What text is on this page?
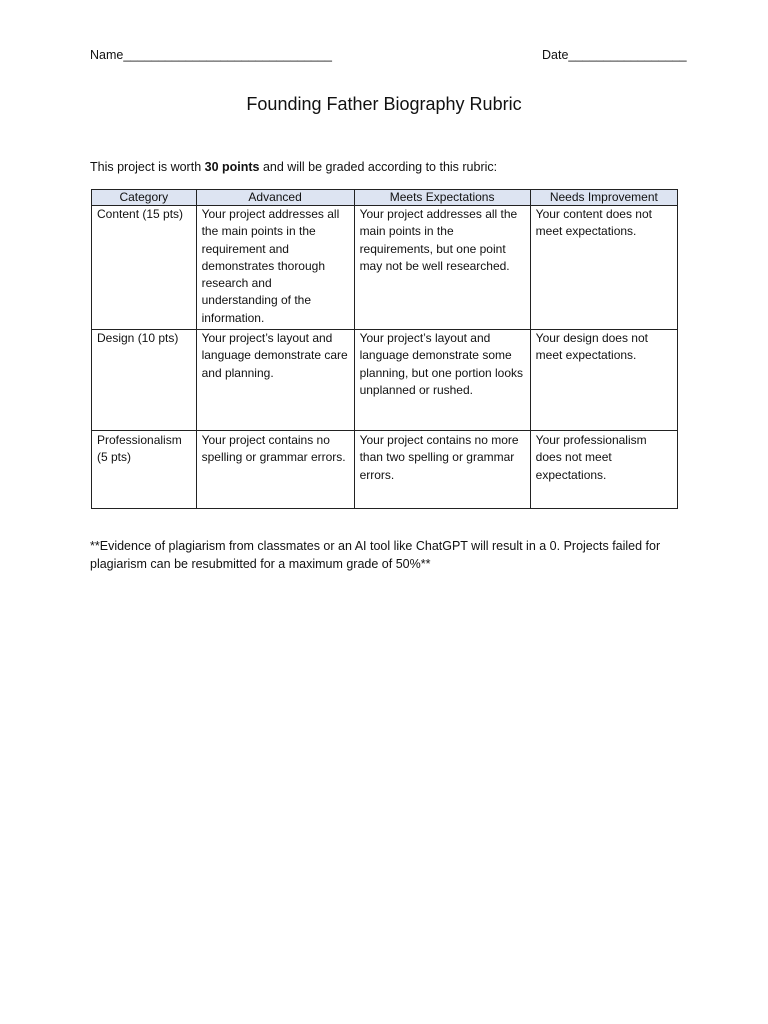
Name______________________________	Date_________________
Founding Father Biography Rubric
This project is worth 30 points and will be graded according to this rubric:
Category	Advanced	Meets Expectations	Needs Improvement
Content (15 pts)	Your project addresses all the main points in the requirement and demonstrates thorough research and understanding of the information.	Your project addresses all the main points in the requirements, but one point may not be well researched.	Your content does not meet expectations.
Design (10 pts)	Your project’s layout and language demonstrate care and planning.	Your project’s layout and language demonstrate some planning, but one portion looks unplanned or rushed.	Your design does not meet expectations.
Professionalism (5 pts)	Your project contains no spelling or grammar errors.	Your project contains no more than two spelling or grammar errors.	Your professionalism does not meet expectations.
**Evidence of plagiarism from classmates or an AI tool like ChatGPT will result in a 0. Projects failed for plagiarism can be resubmitted for a maximum grade of 50%**
